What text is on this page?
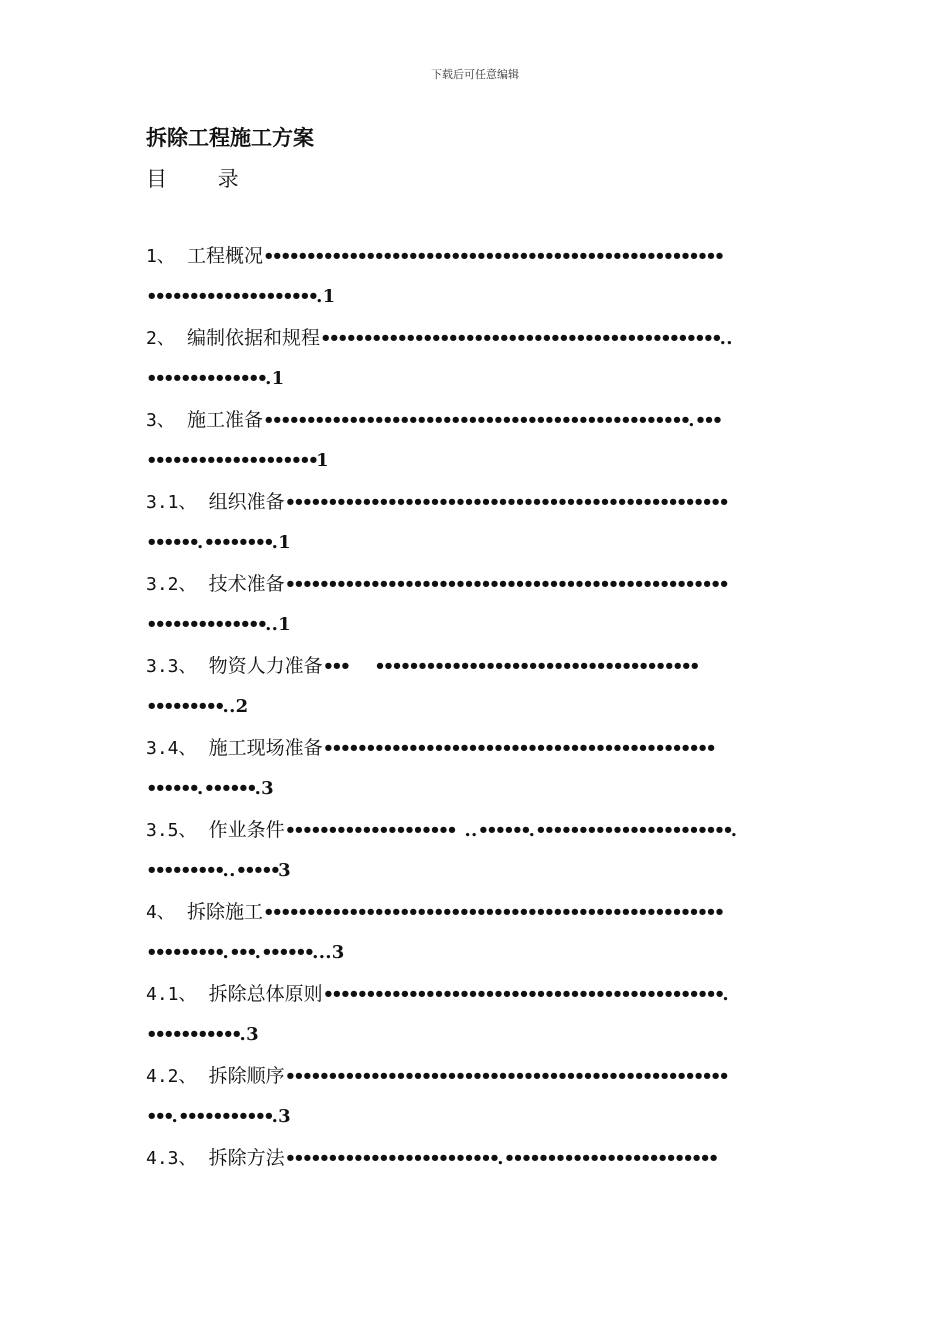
下载后可任意编辑
拆除工程施工方案
目 录
1、 工程概况••••••••••••••••••••••••••••••••••••••••••••••••••••••
••••••••••••••••••••. 1
2、 编制依据和规程•••••••••••••••••••••••••••••••••••••••••••••••. .
••••••••••••••. 1
3、 施工准备••••••••••••••••••••••••••••••••••••••••••••••••••. •••
••••••••••••••••••••1
3.1、 组织准备••••••••••••••••••••••••••••••••••••••••••••••••••••
••••••. ••••••••. 1
3.2、 技术准备••••••••••••••••••••••••••••••••••••••••••••••••••••
••••••••••••••. . 1
3.3、 物资人力准备•••        ••••••••••••••••••••••••••••••••••••••
•••••••••. . 2
3.4、 施工现场准备••••••••••••••••••••••••••••••••••••••••••••••
••••••. ••••••. 3
3.5、 作业条件••••••••••••••••••••   . . ••••••. •••••••••••••••••••••••.
•••••••••. . •••••3
4、 拆除施工••••••••••••••••••••••••••••••••••••••••••••••••••••••
•••••••••. •••. ••••••. . . 3
4.1、 拆除总体原则•••••••••••••••••••••••••••••••••••••••••••••••.
•••••••••••. 3
4.2、 拆除顺序••••••••••••••••••••••••••••••••••••••••••••••••••••
•••. •••••••••••. 3
4.3、 拆除方法•••••••••••••••••••••••••. •••••••••••••••••••••••••
